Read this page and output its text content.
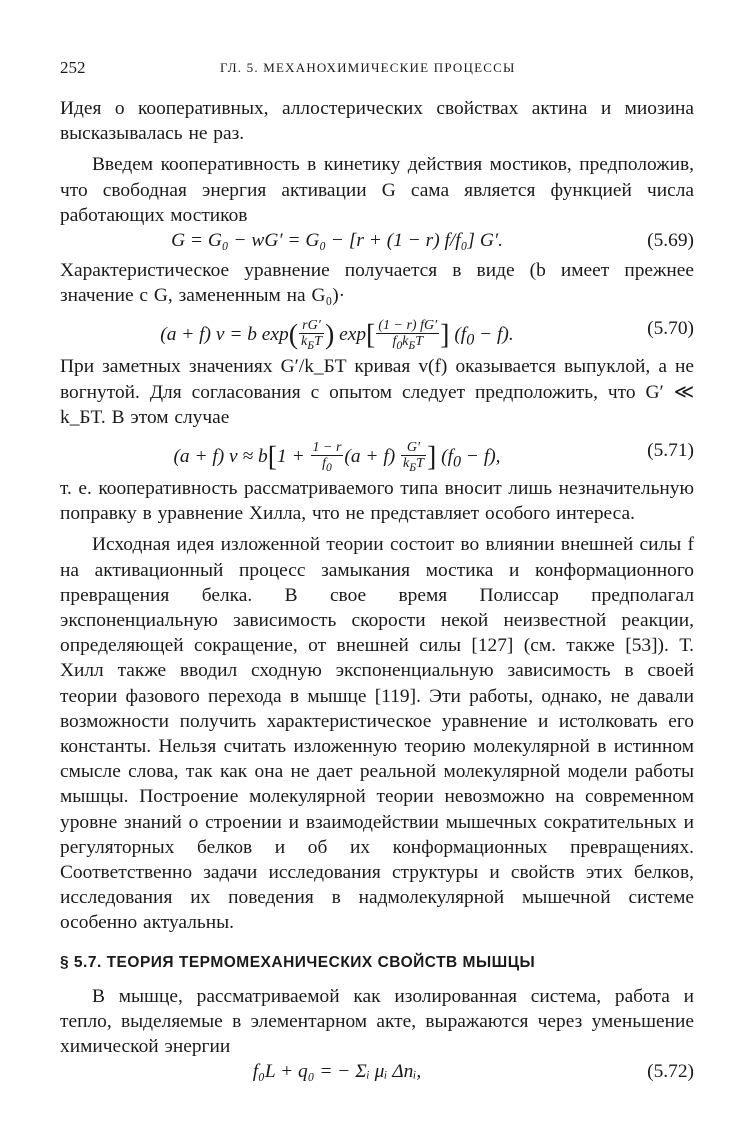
252	ГЛ. 5. МЕХАНОХИМИЧЕСКИЕ ПРОЦЕССЫ

Идея о кооперативных, аллостерических свойствах актина и миозина высказывалась не раз.

Введем кооперативность в кинетику действия мостиков, предположив, что свободная энергия активации G сама является функцией числа работающих мостиков

G = G₀ − wG′ = G₀ − [r + (1 − r) f/f₀] G′.	(5.69)

Характеристическое уравнение получается в виде (b имеет прежнее значение с G, замененным на G₀)·

(a + f) v = b $\exp( \frac{rG'}{k_БT}$ ) $\exp[ \frac{(1 - r) fG'}{f_0k_БT}$ ] $(f_0 - f)$.	(5.70)

При заметных значениях G′/k_БT кривая v(f) оказывается выпуклой, а не вогнутой. Для согласования с опытом следует предположить, что G′ ≪ k_БT. В этом случае

(a + f) $v \approx b[1 + \frac{1 - r}{f_0} (a + f) \frac{G'}{k_БT}$ ] $(f_0 - f)$,	(5.71)

т. е. кооперативность рассматриваемого типа вносит лишь незначительную поправку в уравнение Хилла, что не представляет особого интереса.

Исходная идея изложенной теории состоит во влиянии внешней силы f на активационный процесс замыкания мостика и конформационного превращения белка. В свое время Полиссар предполагал экспоненциальную зависимость скорости некой неизвестной реакции, определяющей сокращение, от внешней силы [127] (см. также [53]). Т. Хилл также вводил сходную экспоненциальную зависимость в своей теории фазового перехода в мышце [119]. Эти работы, однако, не давали возможности получить характеристическое уравнение и истолковать его константы. Нельзя считать изложенную теорию молекулярной в истинном смысле слова, так как она не дает реальной молекулярной модели работы мышцы. Построение молекулярной теории невозможно на современном уровне знаний о строении и взаимодействии мышечных сократительных и регуляторных белков и об их конформационных превращениях. Соответственно задачи исследования структуры и свойств этих белков, исследования их поведения в надмолекулярной мышечной системе особенно актуальны.

§ 5.7. ТЕОРИЯ ТЕРМОМЕХАНИЧЕСКИХ СВОЙСТВ МЫШЦЫ

В мышце, рассматриваемой как изолированная система, работа и тепло, выделяемые в элементарном акте, выражаются через уменьшение химической энергии

f₀L + q₀ = − Σᵢ μᵢ Δnᵢ,	(5.72)
